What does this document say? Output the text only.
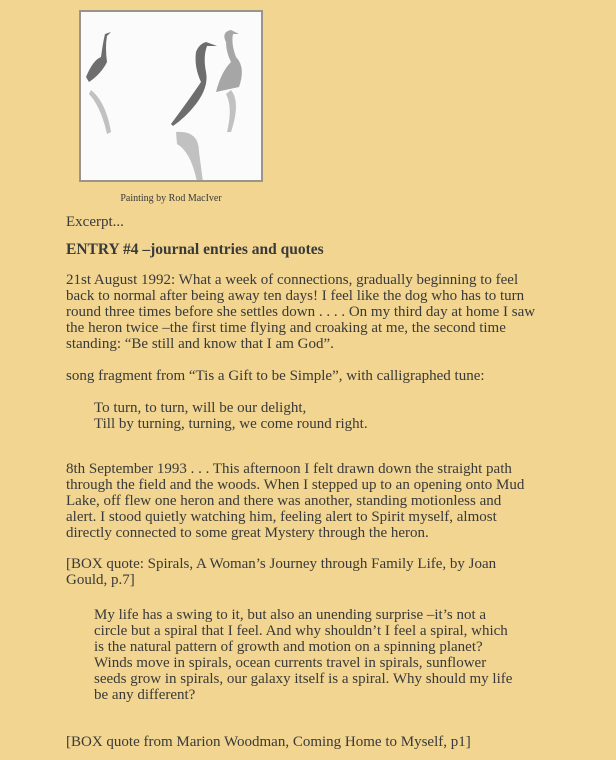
Painting by Rod MacIver
Excerpt...
ENTRY #4 –journal entries and quotes
21st August 1992: What a week of connections, gradually beginning to feel
back to normal after being away ten days! I feel like the dog who has to turn
round three times before she settles down . . . . On my third day at home I saw
the heron twice –the first time flying and croaking at me, the second time
standing: “Be still and know that I am God”.
song fragment from “Tis a Gift to be Simple”, with calligraphed tune:
To turn, to turn, will be our delight,
Till by turning, turning, we come round right.
8th September 1993 . . . This afternoon I felt drawn down the straight path
through the field and the woods. When I stepped up to an opening onto Mud
Lake, off flew one heron and there was another, standing motionless and
alert. I stood quietly watching him, feeling alert to Spirit myself, almost
directly connected to some great Mystery through the heron.
[BOX quote: Spirals, A Woman’s Journey through Family Life, by Joan
Gould, p.7]
My life has a swing to it, but also an unending surprise –it’s not a
circle but a spiral that I feel. And why shouldn’t I feel a spiral, which
is the natural pattern of growth and motion on a spinning planet?
Winds move in spirals, ocean currents travel in spirals, sunflower
seeds grow in spirals, our galaxy itself is a spiral. Why should my life
be any different?
[BOX quote from Marion Woodman, Coming Home to Myself, p1]
